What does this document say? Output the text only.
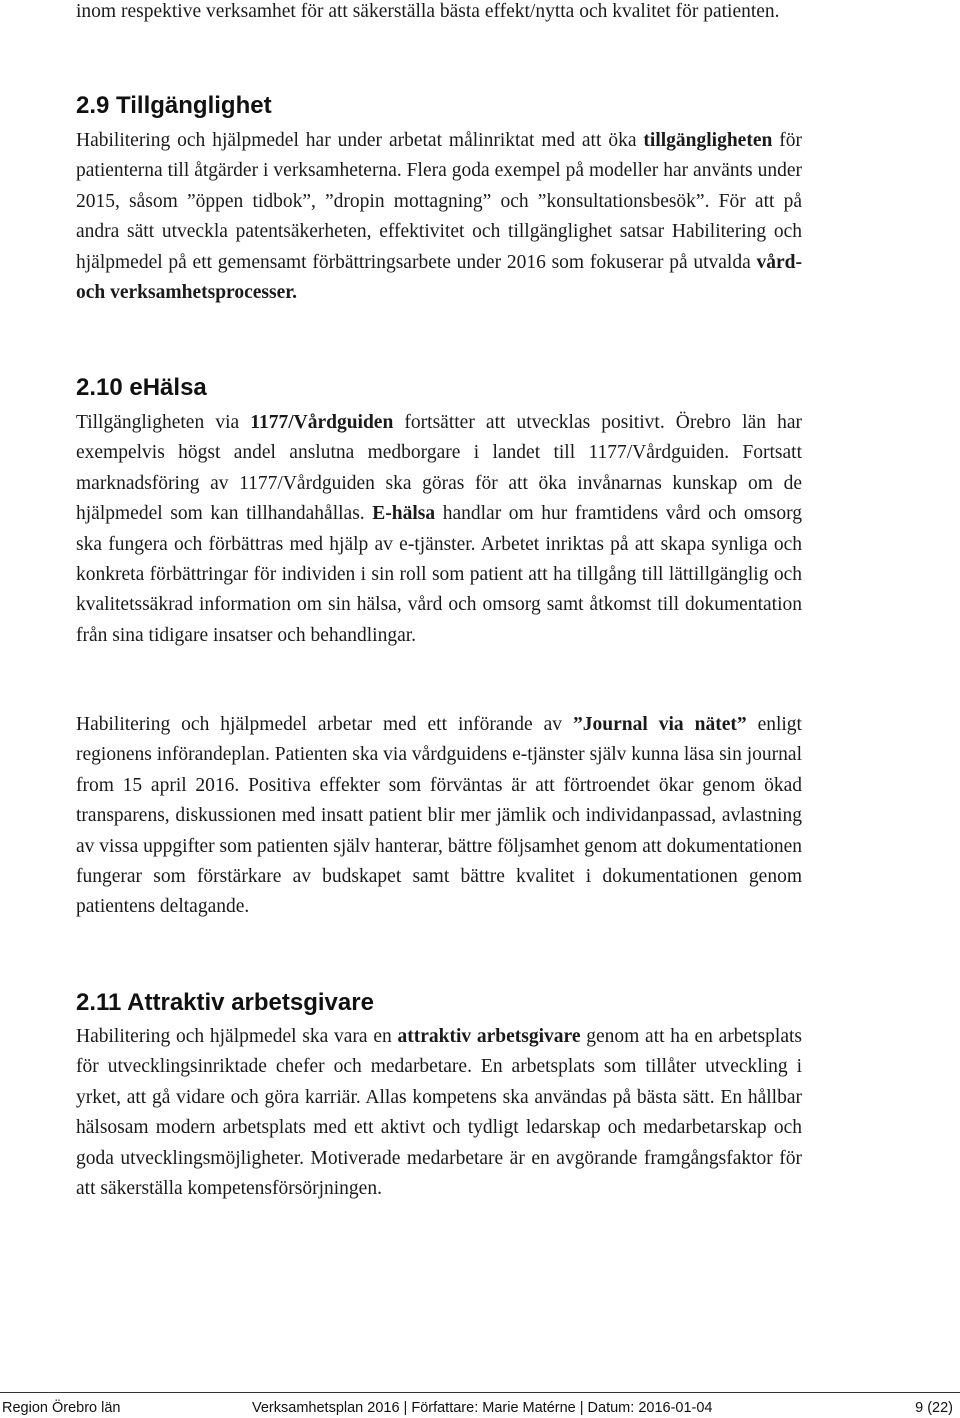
inom respektive verksamhet för att säkerställa bästa effekt/nytta och kvalitet för patienten.

2.9 Tillgänglighet

Habilitering och hjälpmedel har under arbetat målinriktat med att öka tillgängligheten för patienterna till åtgärder i verksamheterna. Flera goda exempel på modeller har använts under 2015, såsom ”öppen tidbok”, ”dropin mottagning” och ”konsultationsbesök”. För att på andra sätt utveckla patentsäkerheten, effektivitet och tillgänglighet satsar Habilitering och hjälpmedel på ett gemensamt förbättringsarbete under 2016 som fokuserar på utvalda vård- och verksamhetsprocesser.

2.10 eHälsa

Tillgängligheten via 1177/Vårdguiden fortsätter att utvecklas positivt. Örebro län har exempelvis högst andel anslutna medborgare i landet till 1177/Vårdguiden. Fortsatt marknadsföring av 1177/Vårdguiden ska göras för att öka invånarnas kunskap om de hjälpmedel som kan tillhandahållas. E-hälsa handlar om hur framtidens vård och omsorg ska fungera och förbättras med hjälp av e-tjänster. Arbetet inriktas på att skapa synliga och konkreta förbättringar för individen i sin roll som patient att ha tillgång till lättillgänglig och kvalitetssäkrad information om sin hälsa, vård och omsorg samt åtkomst till dokumentation från sina tidigare insatser och behandlingar.

Habilitering och hjälpmedel arbetar med ett införande av ”Journal via nätet” enligt regionens införandeplan. Patienten ska via vårdguidens e-tjänster själv kunna läsa sin journal from 15 april 2016. Positiva effekter som förväntas är att förtroendet ökar genom ökad transparens, diskussionen med insatt patient blir mer jämlik och individanpassad, avlastning av vissa uppgifter som patienten själv hanterar, bättre följsamhet genom att dokumentationen fungerar som förstärkare av budskapet samt bättre kvalitet i dokumentationen genom patientens deltagande.

2.11 Attraktiv arbetsgivare

Habilitering och hjälpmedel ska vara en attraktiv arbetsgivare genom att ha en arbetsplats för utvecklingsinriktade chefer och medarbetare. En arbetsplats som tillåter utveckling i yrket, att gå vidare och göra karriär. Allas kompetens ska användas på bästa sätt. En hållbar hälsosam modern arbetsplats med ett aktivt och tydligt ledarskap och medarbetarskap och goda utvecklingsmöjligheter. Motiverade medarbetare är en avgörande framgångsfaktor för att säkerställa kompetensförsörjningen.

Region Örebro län	Verksamhetsplan 2016 | Författare: Marie Matérne | Datum: 2016-01-04	9 (22)
